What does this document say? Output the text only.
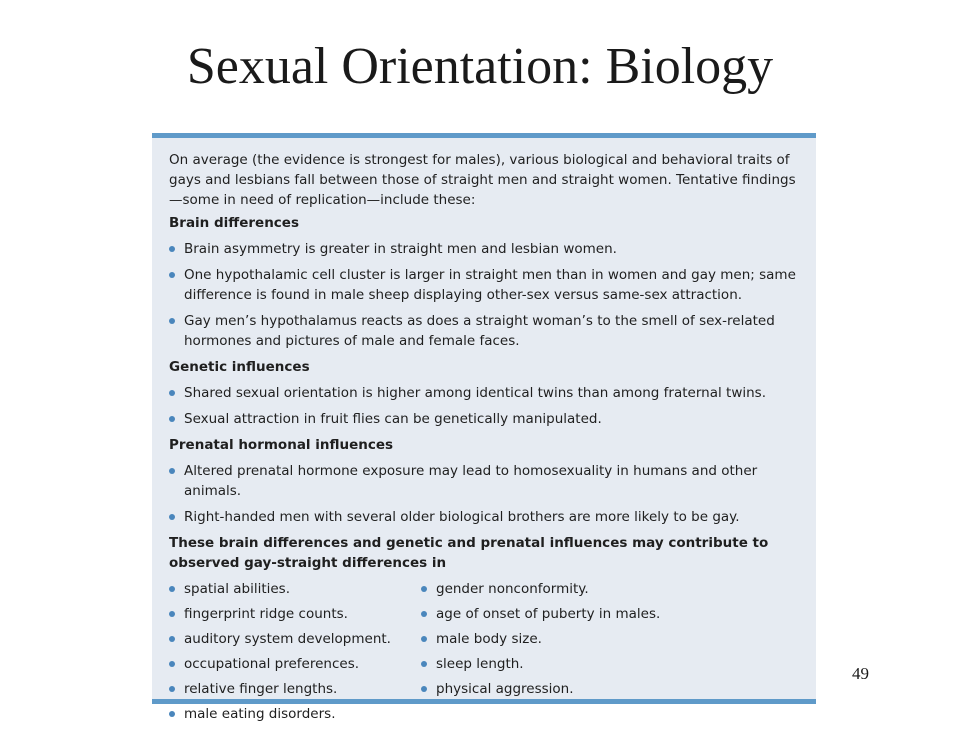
Sexual Orientation: Biology

On average (the evidence is strongest for males), various biological and behavioral traits of gays and lesbians fall between those of straight men and straight women. Tentative findings—some in need of replication—include these:

Brain differences
Brain asymmetry is greater in straight men and lesbian women.
One hypothalamic cell cluster is larger in straight men than in women and gay men; same difference is found in male sheep displaying other-sex versus same-sex attraction.
Gay men’s hypothalamus reacts as does a straight woman’s to the smell of sex-related hormones and pictures of male and female faces.
Genetic influences
Shared sexual orientation is higher among identical twins than among fraternal twins.
Sexual attraction in fruit flies can be genetically manipulated.
Prenatal hormonal influences
Altered prenatal hormone exposure may lead to homosexuality in humans and other animals.
Right-handed men with several older biological brothers are more likely to be gay.
These brain differences and genetic and prenatal influences may contribute to observed gay-straight differences in
spatial abilities.
fingerprint ridge counts.
auditory system development.
occupational preferences.
relative finger lengths.
male eating disorders.
gender nonconformity.
age of onset of puberty in males.
male body size.
sleep length.
physical aggression.
49
